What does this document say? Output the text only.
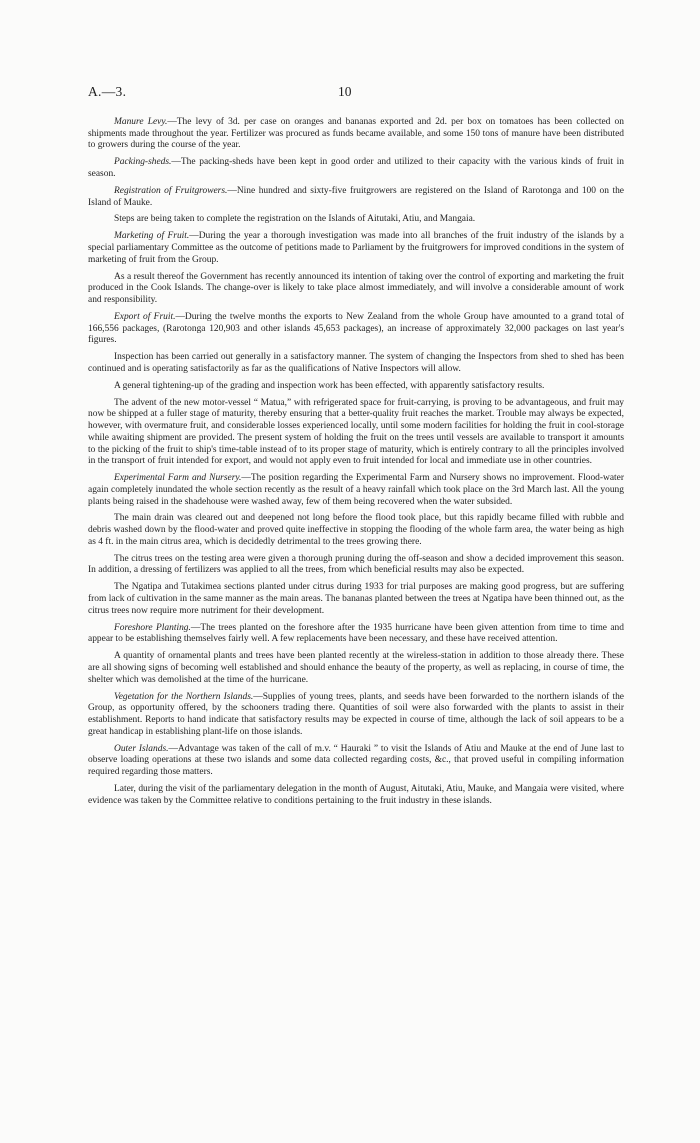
A.—3.	10

Manure Levy.—The levy of 3d. per case on oranges and bananas exported and 2d. per box on tomatoes has been collected on shipments made throughout the year. Fertilizer was procured as funds became available, and some 150 tons of manure have been distributed to growers during the course of the year.

Packing-sheds.—The packing-sheds have been kept in good order and utilized to their capacity with the various kinds of fruit in season.

Registration of Fruitgrowers.—Nine hundred and sixty-five fruitgrowers are registered on the Island of Rarotonga and 100 on the Island of Mauke.

Steps are being taken to complete the registration on the Islands of Aitutaki, Atiu, and Mangaia.

Marketing of Fruit.—During the year a thorough investigation was made into all branches of the fruit industry of the islands by a special parliamentary Committee as the outcome of petitions made to Parliament by the fruitgrowers for improved conditions in the system of marketing of fruit from the Group.

As a result thereof the Government has recently announced its intention of taking over the control of exporting and marketing the fruit produced in the Cook Islands. The change-over is likely to take place almost immediately, and will involve a considerable amount of work and responsibility.

Export of Fruit.—During the twelve months the exports to New Zealand from the whole Group have amounted to a grand total of 166,556 packages, (Rarotonga 120,903 and other islands 45,653 packages), an increase of approximately 32,000 packages on last year's figures.

Inspection has been carried out generally in a satisfactory manner. The system of changing the Inspectors from shed to shed has been continued and is operating satisfactorily as far as the qualifications of Native Inspectors will allow.

A general tightening-up of the grading and inspection work has been effected, with apparently satisfactory results.

The advent of the new motor-vessel “ Matua,” with refrigerated space for fruit-carrying, is proving to be advantageous, and fruit may now be shipped at a fuller stage of maturity, thereby ensuring that a better-quality fruit reaches the market. Trouble may always be expected, however, with overmature fruit, and considerable losses experienced locally, until some modern facilities for holding the fruit in cool-storage while awaiting shipment are provided. The present system of holding the fruit on the trees until vessels are available to transport it amounts to the picking of the fruit to ship's time-table instead of to its proper stage of maturity, which is entirely contrary to all the principles involved in the transport of fruit intended for export, and would not apply even to fruit intended for local and immediate use in other countries.

Experimental Farm and Nursery.—The position regarding the Experimental Farm and Nursery shows no improvement. Flood-water again completely inundated the whole section recently as the result of a heavy rainfall which took place on the 3rd March last. All the young plants being raised in the shadehouse were washed away, few of them being recovered when the water subsided.

The main drain was cleared out and deepened not long before the flood took place, but this rapidly became filled with rubble and debris washed down by the flood-water and proved quite ineffective in stopping the flooding of the whole farm area, the water being as high as 4 ft. in the main citrus area, which is decidedly detrimental to the trees growing there.

The citrus trees on the testing area were given a thorough pruning during the off-season and show a decided improvement this season. In addition, a dressing of fertilizers was applied to all the trees, from which beneficial results may also be expected.

The Ngatipa and Tutakimea sections planted under citrus during 1933 for trial purposes are making good progress, but are suffering from lack of cultivation in the same manner as the main areas. The bananas planted between the trees at Ngatipa have been thinned out, as the citrus trees now require more nutriment for their development.

Foreshore Planting.—The trees planted on the foreshore after the 1935 hurricane have been given attention from time to time and appear to be establishing themselves fairly well. A few replacements have been necessary, and these have received attention.

A quantity of ornamental plants and trees have been planted recently at the wireless-station in addition to those already there. These are all showing signs of becoming well established and should enhance the beauty of the property, as well as replacing, in course of time, the shelter which was demolished at the time of the hurricane.

Vegetation for the Northern Islands.—Supplies of young trees, plants, and seeds have been forwarded to the northern islands of the Group, as opportunity offered, by the schooners trading there. Quantities of soil were also forwarded with the plants to assist in their establishment. Reports to hand indicate that satisfactory results may be expected in course of time, although the lack of soil appears to be a great handicap in establishing plant-life on those islands.

Outer Islands.—Advantage was taken of the call of m.v. “ Hauraki ” to visit the Islands of Atiu and Mauke at the end of June last to observe loading operations at these two islands and some data collected regarding costs, &c., that proved useful in compiling information required regarding those matters.

Later, during the visit of the parliamentary delegation in the month of August, Aitutaki, Atiu, Mauke, and Mangaia were visited, where evidence was taken by the Committee relative to conditions pertaining to the fruit industry in these islands.
